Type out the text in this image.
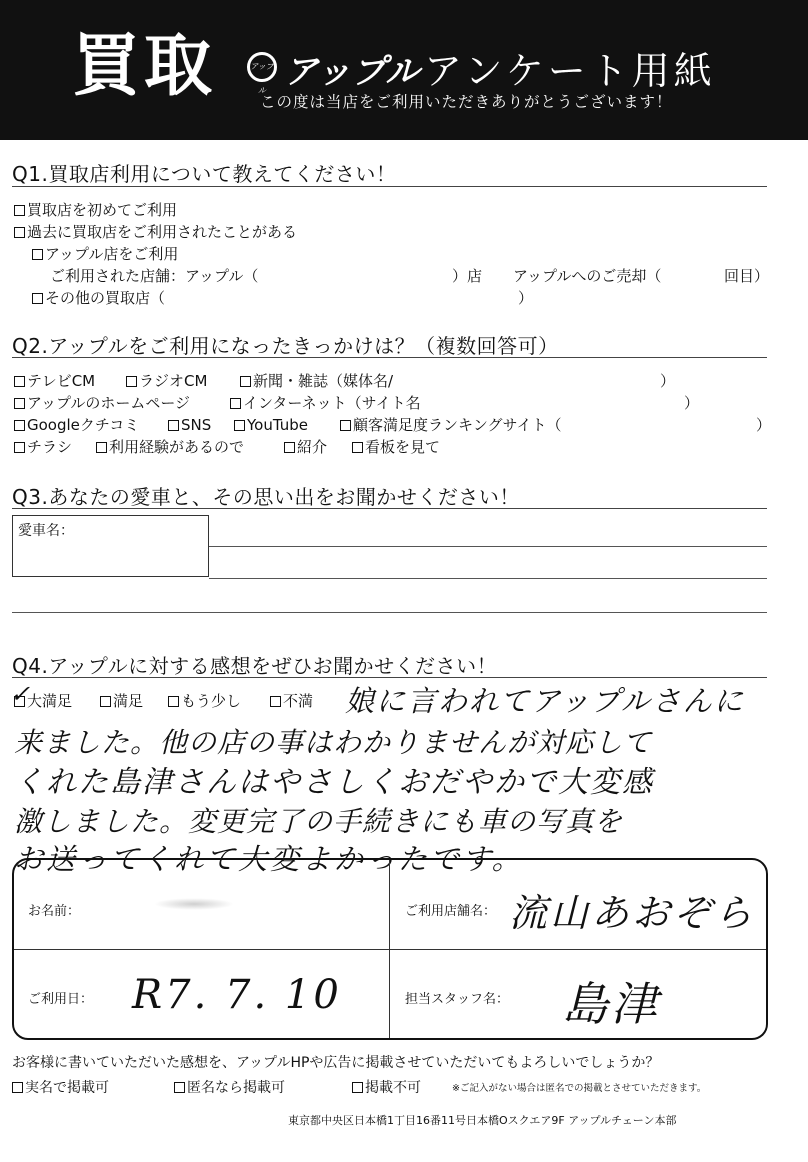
買取	アップル アップル アンケート用紙
この度は当店をご利用いただきありがとうございます！
Q1.買取店利用について教えてください！
買取店を初めてご利用
過去に買取店をご利用されたことがある
アップル店をご利用
ご利用された店舗：アップル（	）店 アップルへのご売却（	回目）
その他の買取店（	）
Q2.アップルをご利用になったきっかけは？（複数回答可）
テレビCM	ラジオCM	新聞・雑誌（媒体名/	）
アップルのホームページ	インターネット（サイト名	）
Googleクチコミ	SNS	YouTube	顧客満足度ランキングサイト（	）
チラシ	利用経験があるので	紹介	看板を見て
Q3.あなたの愛車と、その思い出をお聞かせください！
愛車名：
Q4.アップルに対する感想をぜひお聞かせください！
大満足
✓	満足	もう少し	不満 娘に言われてアップルさんに
来ました。他の店の事はわかりませんが対応して
くれた島津さんはやさしくおだやかで大変感
激しました。変更完了の手続きにも車の写真を
お送ってくれて大変よかったです。
お名前：	ご利用店舗名： 流山あおぞら
ご利用日： R7. 7. 10	担当スタッフ名： 島津
お客様に書いていただいた感想を、アップルHPや広告に掲載させていただいてもよろしいでしょうか？
実名で掲載可	匿名なら掲載可	掲載不可	※ご記入がない場合は匿名での掲載とさせていただきます。
東京都中央区日本橋1丁目16番11号日本橋Oスクエア9F アップルチェーン本部
